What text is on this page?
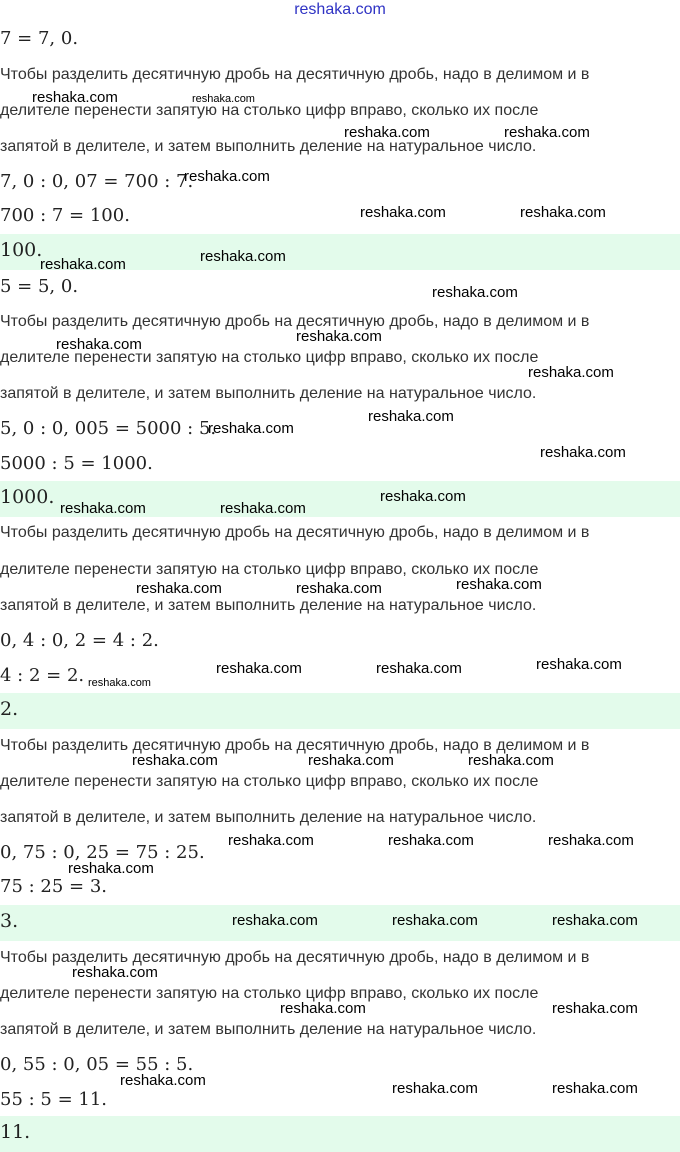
reshaka.com
7 = 7, 0.
Чтобы разделить десятичную дробь на десятичную дробь, надо в делимом и в
делителе перенести запятую на столько цифр вправо, сколько их после
запятой в делителе, и затем выполнить деление на натуральное число.
7, 0 : 0, 07 = 700 : 7.
700 : 7 = 100.
100.
5 = 5, 0.
Чтобы разделить десятичную дробь на десятичную дробь, надо в делимом и в
делителе перенести запятую на столько цифр вправо, сколько их после
запятой в делителе, и затем выполнить деление на натуральное число.
5, 0 : 0, 005 = 5000 : 5.
5000 : 5 = 1000.
1000.
Чтобы разделить десятичную дробь на десятичную дробь, надо в делимом и в
делителе перенести запятую на столько цифр вправо, сколько их после
запятой в делителе, и затем выполнить деление на натуральное число.
0, 4 : 0, 2 = 4 : 2.
4 : 2 = 2.
2.
Чтобы разделить десятичную дробь на десятичную дробь, надо в делимом и в
делителе перенести запятую на столько цифр вправо, сколько их после
запятой в делителе, и затем выполнить деление на натуральное число.
0, 75 : 0, 25 = 75 : 25.
75 : 25 = 3.
3.
Чтобы разделить десятичную дробь на десятичную дробь, надо в делимом и в
делителе перенести запятую на столько цифр вправо, сколько их после
запятой в делителе, и затем выполнить деление на натуральное число.
0, 55 : 0, 05 = 55 : 5.
55 : 5 = 11.
11.
reshaka.com	reshaka.com
reshaka.com	reshaka.com
reshaka.com
reshaka.com	reshaka.com
reshaka.com
reshaka.com
reshaka.com
reshaka.com
reshaka.com
reshaka.com
reshaka.com
reshaka.com
reshaka.com
reshaka.com
reshaka.com	reshaka.com
reshaka.com
reshaka.com	reshaka.com
reshaka.com
reshaka.com	reshaka.com
reshaka.com
reshaka.com	reshaka.com	reshaka.com
reshaka.com	reshaka.com	reshaka.com
reshaka.com
reshaka.com	reshaka.com	reshaka.com
reshaka.com
reshaka.com	reshaka.com
reshaka.com	reshaka.com	reshaka.com
